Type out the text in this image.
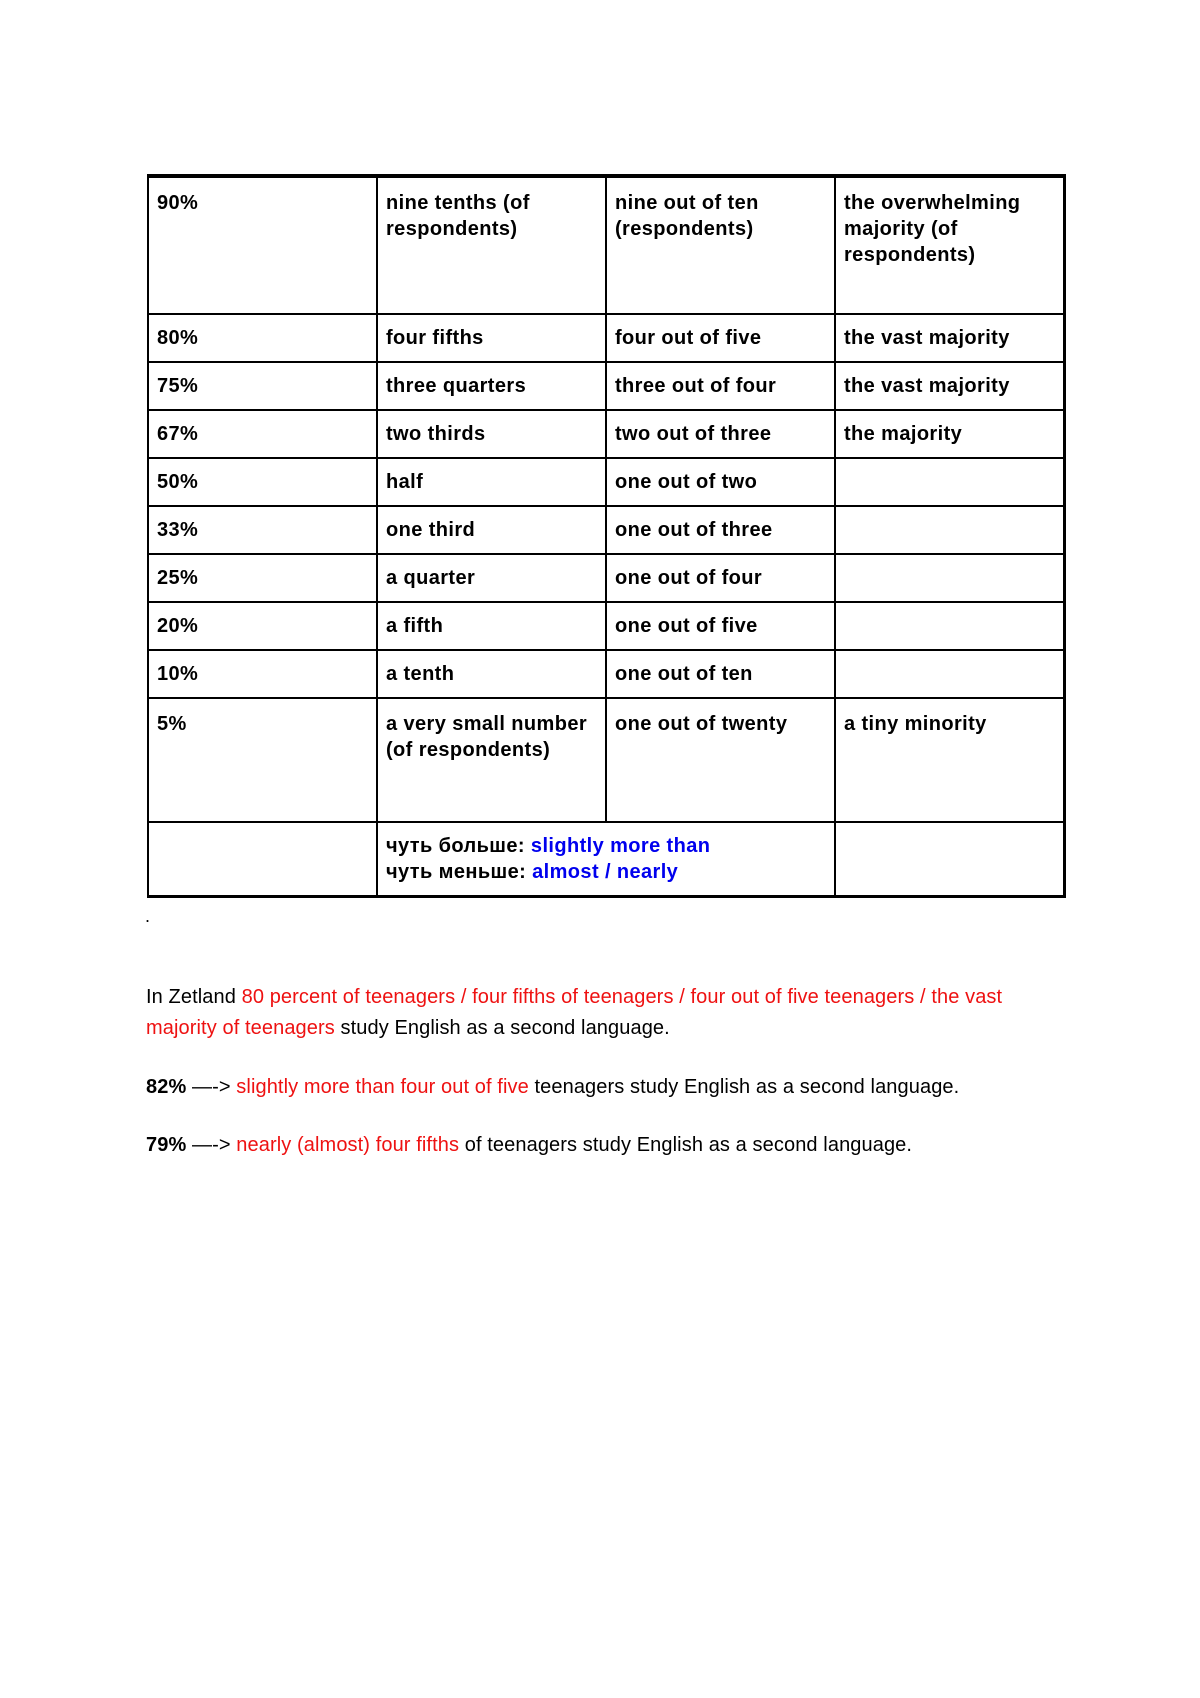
90%	nine tenths (of respondents)	nine out of ten (respondents)	the overwhelming majority (of respondents)
80%	four fifths	four out of five	the vast majority
75%	three quarters	three out of four	the vast majority
67%	two thirds	two out of three	the majority
50%	half	one out of two	
33%	one third	one out of three	
25%	a quarter	one out of four	
20%	a fifth	one out of five	
10%	a tenth	one out of ten	
5%	a very small number (of respondents)	one out of twenty	a tiny minority
	чуть больше: slightly more than
чуть меньше: almost / nearly		
.

In Zetland 80 percent of teenagers / four fifths of teenagers / four out of five teenagers / the vast majority of teenagers study English as a second language.

82% —-> slightly more than four out of five teenagers study English as a second language.

79% —-> nearly (almost) four fifths of teenagers study English as a second language.
